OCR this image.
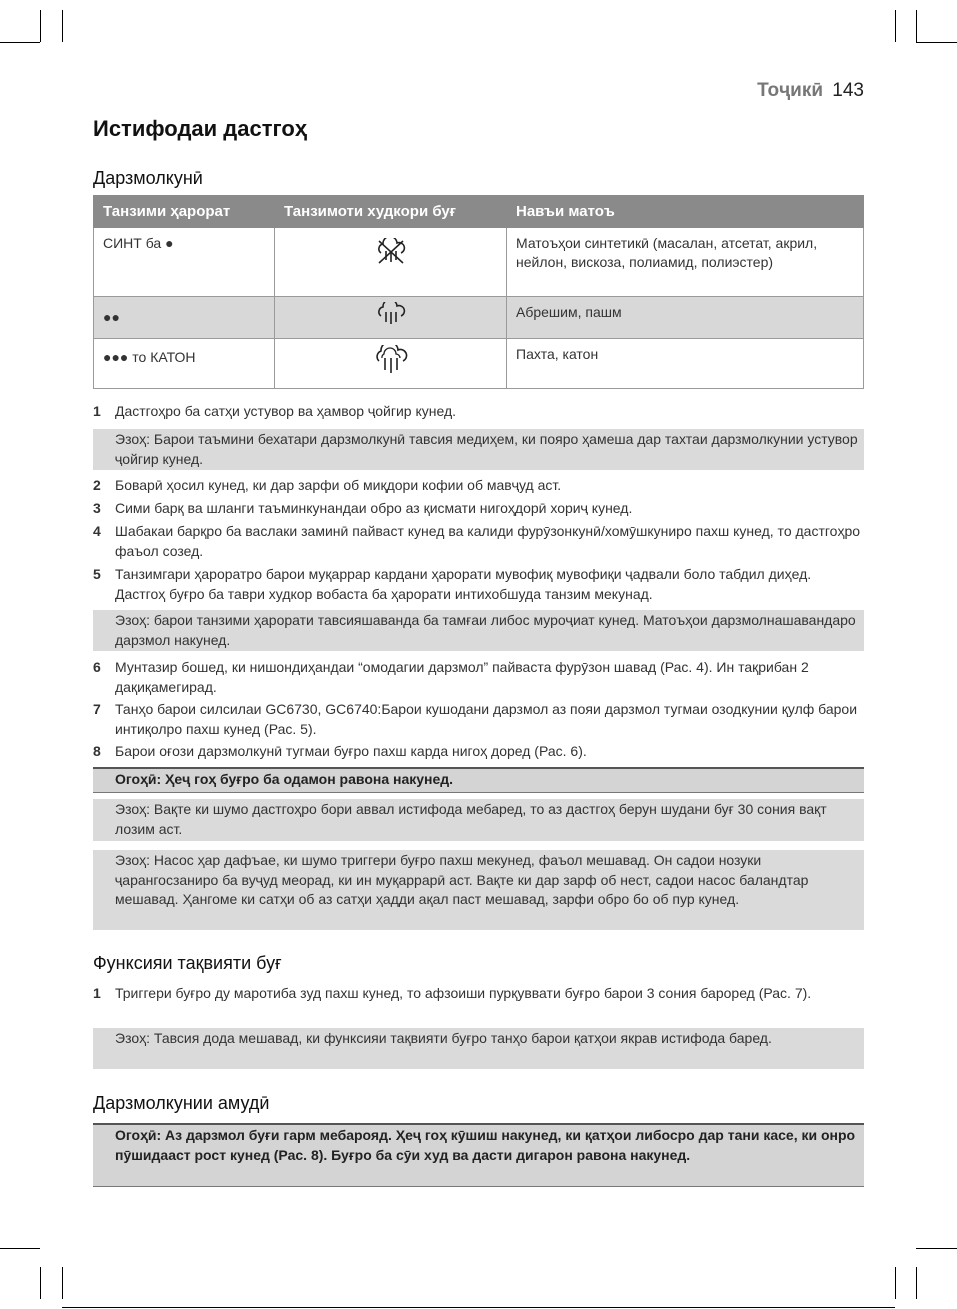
Тоҷикӣ 143
Истифодаи дастгоҳ
Дарзмолкунӣ
Танзими ҳарорат	Танзимоти худкори буғ	Навъи матоъ
СИНТ ба ●		Матоъҳои синтетикӣ (масалан, атсетат, акрил, нейлон, вискоза, полиамид, полиэстер)
●●		Абрешим, пашм
●●● то КАТОН		Пахта, катон
1 Дастгоҳро ба сатҳи устувор ва ҳамвор ҷойгир кунед.
Эзоҳ: Барои таъмини бехатари дарзмолкунӣ тавсия медиҳем, ки пояро ҳамеша дар тахтаи дарзмолкунии устувор ҷойгир кунед.
2 Боварӣ ҳосил кунед, ки дар зарфи об миқдори кофии об мавҷуд аст.
3 Сими барқ ва шланги таъминкунандаи обро аз қисмати нигоҳдорӣ хориҷ кунед.
4 Шабакаи барқро ба васлаки заминӣ пайваст кунед ва калиди фурӯзонкунӣ/хомӯшкуниро пахш кунед, то дастгоҳро фаъол созед.
5 Танзимгари ҳароратро барои муқаррар кардани ҳарорати мувофиқ мувофиқи ҷадвали боло табдил диҳед. Дастгоҳ буғро ба таври худкор вобаста ба ҳарорати интихобшуда танзим мекунад.
Эзоҳ: барои танзими ҳарорати тавсияшаванда ба тамғаи либос муроҷиат кунед. Матоъҳои дарзмолнашавандаро дарзмол накунед.
6 Мунтазир бошед, ки нишондиҳандаи “омодагии дарзмол” пайваста фурӯзон шавад (Рас. 4). Ин тақрибан 2 дақиқамегирад.
7 Танҳо барои силсилаи GC6730, GC6740:Барои кушодани дарзмол аз пояи дарзмол тугмаи озодкунии қулф барои интиқолро пахш кунед (Рас. 5).
8 Барои оғози дарзмолкунӣ тугмаи буғро пахш карда нигоҳ доред (Рас. 6).
Огоҳӣ: Ҳеҷ гоҳ буғро ба одамон равона накунед.
Эзоҳ: Вақте ки шумо дастгоҳро бори аввал истифода мебаред, то аз дастгоҳ берун шудани буғ 30 сония вақт лозим аст.
Эзоҳ: Насос ҳар дафъае, ки шумо триггери буғро пахш мекунед, фаъол мешавад. Он садои нозуки ҷарангосзаниро ба вуҷуд меорад, ки ин муқаррарӣ аст. Вақте ки дар зарф об нест, садои насос баландтар мешавад. Ҳангоме ки сатҳи об аз сатҳи ҳадди ақал паст мешавад, зарфи обро бо об пур кунед.
Функсияи тақвияти буғ
1 Триггери буғро ду маротиба зуд пахш кунед, то афзоиши пурқуввати буғро барои 3 сония бароред (Рас. 7).
Эзоҳ: Тавсия дода мешавад, ки функсияи тақвияти буғро танҳо барои қатҳои якрав истифода баред.
Дарзмолкунии амудӣ
Огоҳӣ: Аз дарзмол буғи гарм мебарояд. Ҳеҷ гоҳ кӯшиш накунед, ки қатҳои либосро дар тани касе, ки онро пӯшидааст рост кунед (Рас. 8). Буғро ба сӯи худ ва дасти дигарон равона накунед.
